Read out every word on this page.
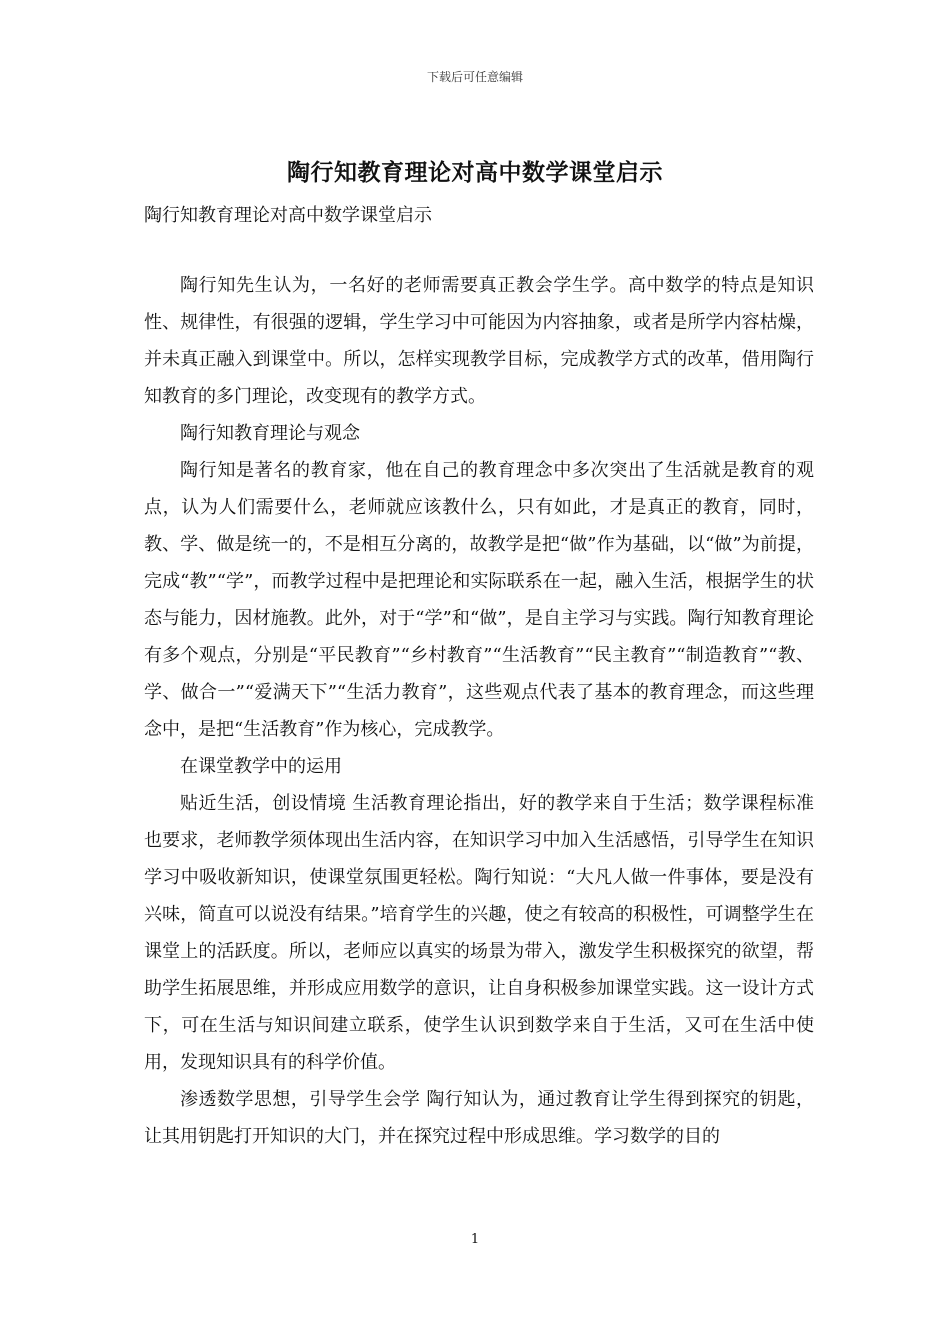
下载后可任意编辑
陶行知教育理论对高中数学课堂启示
陶行知教育理论对高中数学课堂启示

陶行知先生认为，一名好的老师需要真正教会学生学。高中数学的特点是知识性、规律性，有很强的逻辑，学生学习中可能因为内容抽象，或者是所学内容枯燥，并未真正融入到课堂中。所以，怎样实现教学目标，完成教学方式的改革，借用陶行知教育的多门理论，改变现有的教学方式。

陶行知教育理论与观念

陶行知是著名的教育家，他在自己的教育理念中多次突出了生活就是教育的观点，认为人们需要什么，老师就应该教什么，只有如此，才是真正的教育，同时，教、学、做是统一的，不是相互分离的，故教学是把“做”作为基础，以“做”为前提，完成“教”“学”，而教学过程中是把理论和实际联系在一起，融入生活，根据学生的状态与能力，因材施教。此外，对于“学”和“做”，是自主学习与实践。陶行知教育理论有多个观点，分别是“平民教育”“乡村教育”“生活教育”“民主教育”“制造教育”“教、学、做合一”“爱满天下”“生活力教育”，这些观点代表了基本的教育理念，而这些理念中，是把“生活教育”作为核心，完成教学。

在课堂教学中的运用

贴近生活，创设情境 生活教育理论指出，好的教学来自于生活；数学课程标准也要求，老师教学须体现出生活内容，在知识学习中加入生活感悟，引导学生在知识学习中吸收新知识，使课堂氛围更轻松。陶行知说：“大凡人做一件事体，要是没有兴味，简直可以说没有结果。”培育学生的兴趣，使之有较高的积极性，可调整学生在课堂上的活跃度。所以，老师应以真实的场景为带入，激发学生积极探究的欲望，帮助学生拓展思维，并形成应用数学的意识，让自身积极参加课堂实践。这一设计方式下，可在生活与知识间建立联系，使学生认识到数学来自于生活，又可在生活中使用，发现知识具有的科学价值。

渗透数学思想，引导学生会学 陶行知认为，通过教育让学生得到探究的钥匙，让其用钥匙打开知识的大门，并在探究过程中形成思维。学习数学的目的

1
